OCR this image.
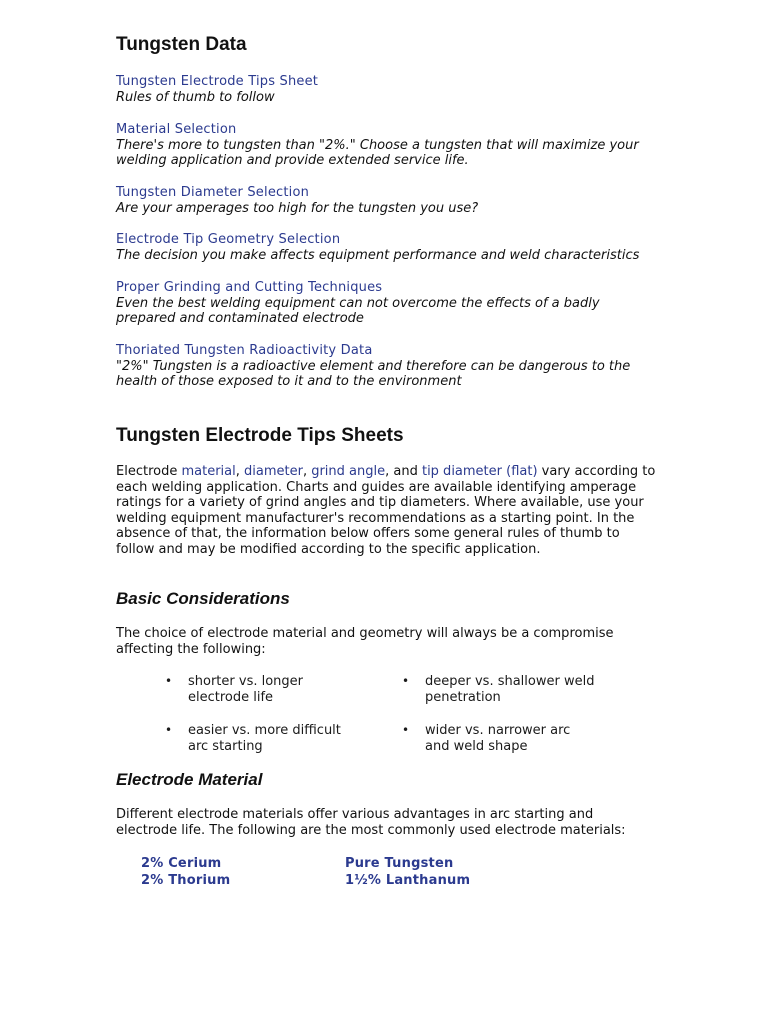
Tungsten Data
Tungsten Electrode Tips Sheet
Rules of thumb to follow
Material Selection
There's more to tungsten than "2%." Choose a tungsten that will maximize your welding application and provide extended service life.
Tungsten Diameter Selection
Are your amperages too high for the tungsten you use?
Electrode Tip Geometry Selection
The decision you make affects equipment performance and weld characteristics
Proper Grinding and Cutting Techniques
Even the best welding equipment can not overcome the effects of a badly prepared and contaminated electrode
Thoriated Tungsten Radioactivity Data
"2%" Tungsten is a radioactive element and therefore can be dangerous to the health of those exposed to it and to the environment
Tungsten Electrode Tips Sheets

Electrode material, diameter, grind angle, and tip diameter (flat) vary according to each welding application. Charts and guides are available identifying amperage ratings for a variety of grind angles and tip diameters. Where available, use your welding equipment manufacturer's recommendations as a starting point. In the absence of that, the information below offers some general rules of thumb to follow and may be modified according to the specific application.

Basic Considerations

The choice of electrode material and geometry will always be a compromise affecting the following:

• shorter vs. longer electrode life
• deeper vs. shallower weld penetration
• easier vs. more difficult arc starting
• wider vs. narrower arc and weld shape
Electrode Material

Different electrode materials offer various advantages in arc starting and electrode life. The following are the most commonly used electrode materials:

2% Cerium	Pure Tungsten
2% Thorium	1½% Lanthanum
